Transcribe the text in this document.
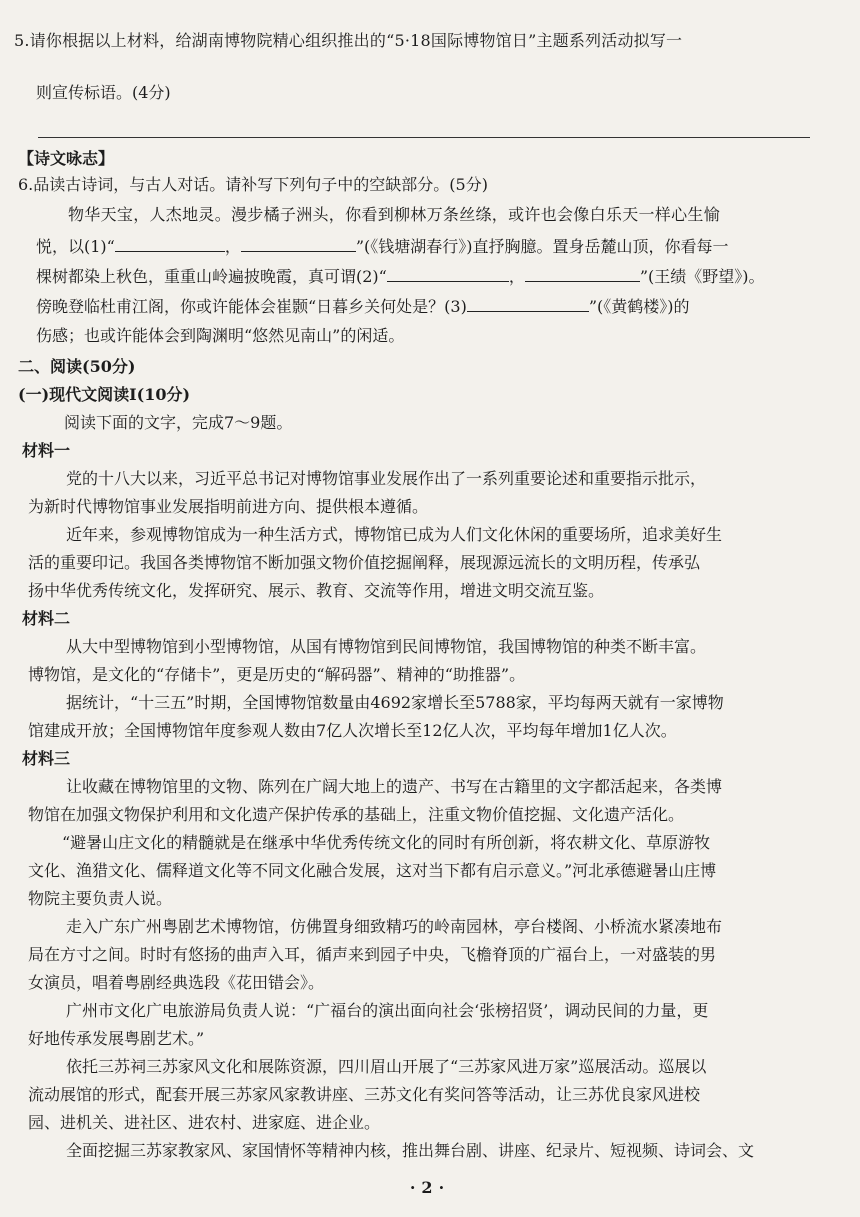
5.请你根据以上材料，给湖南博物院精心组织推出的“5·18国际博物馆日”主题系列活动拟写一
则宣传标语。(4分)
【诗文咏志】
6.品读古诗词，与古人对话。请补写下列句子中的空缺部分。(5分)
物华天宝，人杰地灵。漫步橘子洲头，你看到柳林万条丝绦，或许也会像白乐天一样心生愉
悦，以(1)“	，	”(《钱塘湖春行》)直抒胸臆。置身岳麓山顶，你看每一
棵树都染上秋色，重重山岭遍披晚霞，真可谓(2)“	，	”(王绩《野望》)。
傍晚登临杜甫江阁，你或许能体会崔颢“日暮乡关何处是？(3)	”(《黄鹤楼》)的
伤感；也或许能体会到陶渊明“悠然见南山”的闲适。
二、阅读(50分)
(一)现代文阅读Ⅰ(10分)
阅读下面的文字，完成7～9题。
材料一
党的十八大以来，习近平总书记对博物馆事业发展作出了一系列重要论述和重要指示批示，
为新时代博物馆事业发展指明前进方向、提供根本遵循。
近年来，参观博物馆成为一种生活方式，博物馆已成为人们文化休闲的重要场所，追求美好生
活的重要印记。我国各类博物馆不断加强文物价值挖掘阐释，展现源远流长的文明历程，传承弘
扬中华优秀传统文化，发挥研究、展示、教育、交流等作用，增进文明交流互鉴。
材料二
从大中型博物馆到小型博物馆，从国有博物馆到民间博物馆，我国博物馆的种类不断丰富。
博物馆，是文化的“存储卡”，更是历史的“解码器”、精神的“助推器”。
据统计，“十三五”时期，全国博物馆数量由4692家增长至5788家，平均每两天就有一家博物
馆建成开放；全国博物馆年度参观人数由7亿人次增长至12亿人次，平均每年增加1亿人次。
材料三
让收藏在博物馆里的文物、陈列在广阔大地上的遗产、书写在古籍里的文字都活起来，各类博
物馆在加强文物保护利用和文化遗产保护传承的基础上，注重文物价值挖掘、文化遗产活化。
“避暑山庄文化的精髓就是在继承中华优秀传统文化的同时有所创新，将农耕文化、草原游牧
文化、渔猎文化、儒释道文化等不同文化融合发展，这对当下都有启示意义。”河北承德避暑山庄博
物院主要负责人说。
走入广东广州粤剧艺术博物馆，仿佛置身细致精巧的岭南园林，亭台楼阁、小桥流水紧凑地布
局在方寸之间。时时有悠扬的曲声入耳，循声来到园子中央，飞檐脊顶的广福台上，一对盛装的男
女演员，唱着粤剧经典选段《花田错会》。
广州市文化广电旅游局负责人说：“广福台的演出面向社会‘张榜招贤’，调动民间的力量，更
好地传承发展粤剧艺术。”
依托三苏祠三苏家风文化和展陈资源，四川眉山开展了“三苏家风进万家”巡展活动。巡展以
流动展馆的形式，配套开展三苏家风家教讲座、三苏文化有奖问答等活动，让三苏优良家风进校
园、进机关、进社区、进农村、进家庭、进企业。
全面挖掘三苏家教家风、家国情怀等精神内核，推出舞台剧、讲座、纪录片、短视频、诗词会、文
·2·
